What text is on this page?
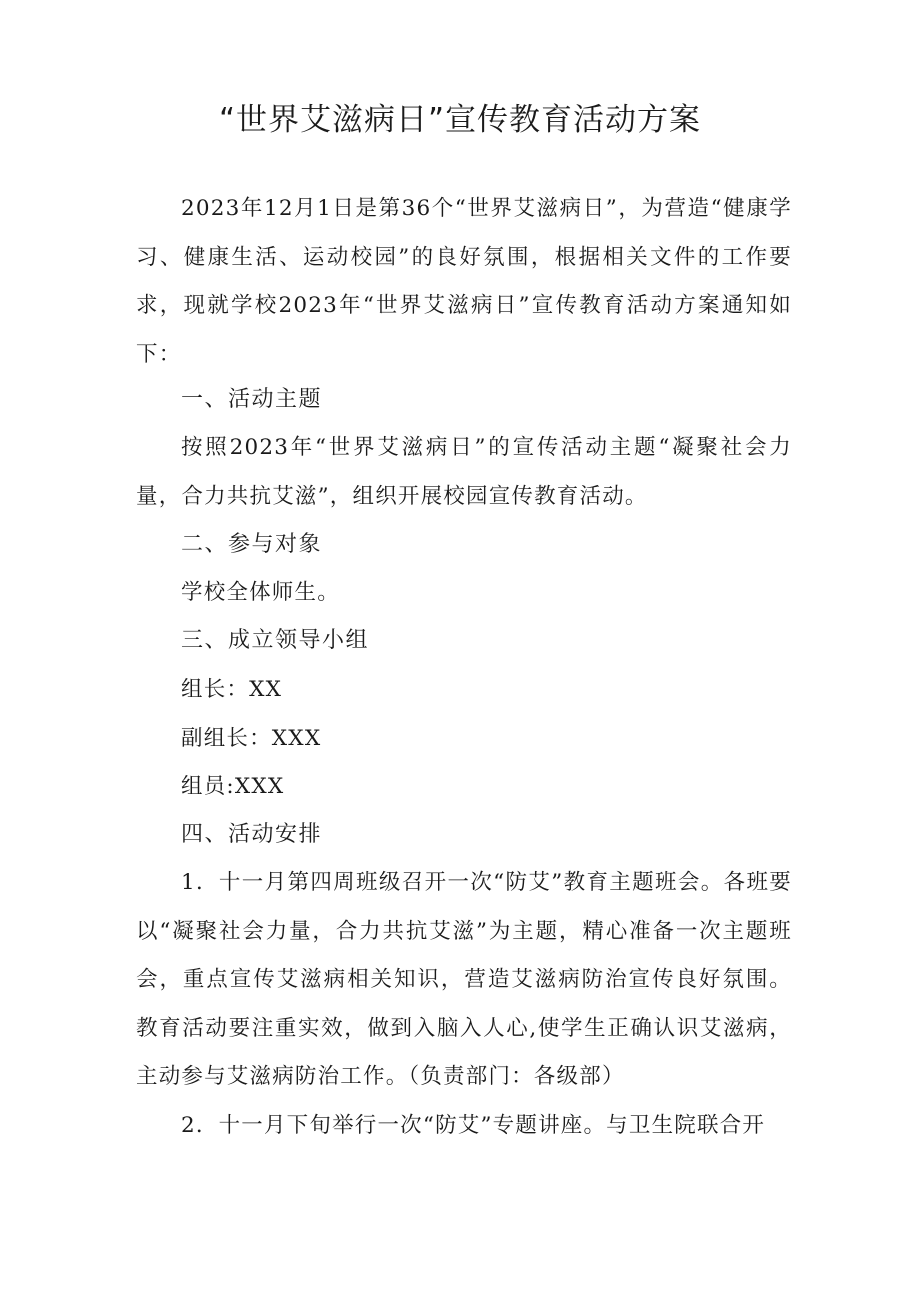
“世界艾滋病日”宣传教育活动方案

2023年12月1日是第36个“世界艾滋病日”，为营造“健康学习、健康生活、运动校园”的良好氛围，根据相关文件的工作要求，现就学校2023年“世界艾滋病日”宣传教育活动方案通知如下：

一、活动主题

按照2023年“世界艾滋病日”的宣传活动主题“凝聚社会力量，合力共抗艾滋”，组织开展校园宣传教育活动。

二、参与对象

学校全体师生。

三、成立领导小组

组长：XX

副组长：XXX

组员:XXX

四、活动安排

1．十一月第四周班级召开一次“防艾”教育主题班会。各班要以“凝聚社会力量，合力共抗艾滋”为主题，精心准备一次主题班会，重点宣传艾滋病相关知识，营造艾滋病防治宣传良好氛围。教育活动要注重实效，做到入脑入人心,使学生正确认识艾滋病，主动参与艾滋病防治工作。（负责部门：各级部）

2．十一月下旬举行一次“防艾”专题讲座。与卫生院联合开
